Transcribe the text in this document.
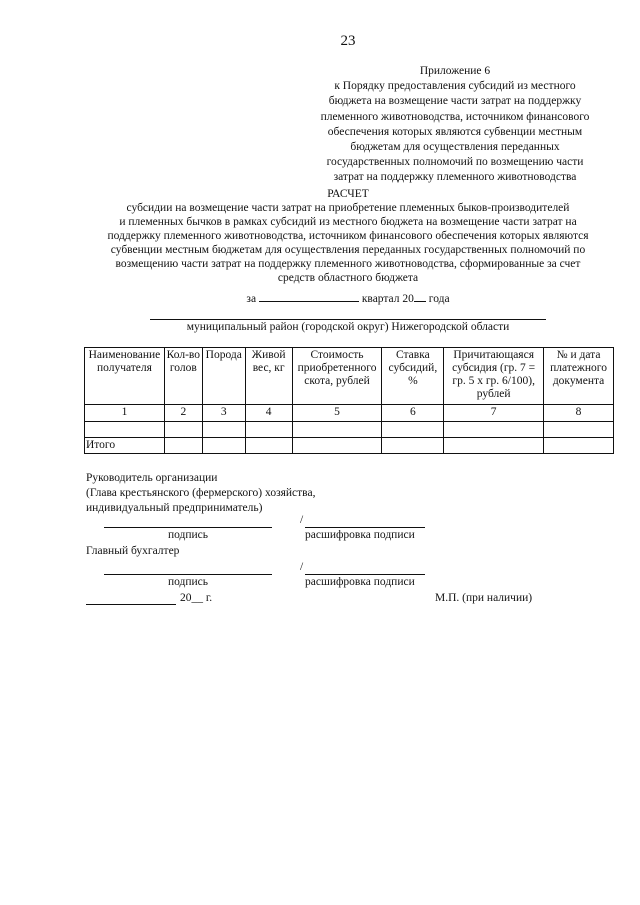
23
Приложение 6
к Порядку предоставления субсидий из местного
бюджета на возмещение части затрат на поддержку
племенного животноводства, источником финансового
обеспечения которых являются субвенции местным
бюджетам для осуществления переданных
государственных полномочий по возмещению части
затрат на поддержку племенного животноводства
РАСЧЕТ
субсидии на возмещение части затрат на приобретение племенных быков-производителей
и племенных бычков в рамках субсидий из местного бюджета на возмещение части затрат на
поддержку племенного животноводства, источником финансового обеспечения которых являются
субвенции местным бюджетам для осуществления переданных государственных полномочий по
возмещению части затрат на поддержку племенного животноводства, сформированные за счет
средств областного бюджета
за	квартал 20 года
муниципальный район (городской округ) Нижегородской области
Наименование получателя	Кол-во голов	Порода	Живой вес, кг	Стоимость приобретенного скота, рублей	Ставка субсидий, %	Причитающаяся субсидия (гр. 7 = гр. 5 х гр. 6/100), рублей	№ и дата платежного документа
1	2	3	4	5	6	7	8

Итого							
Руководитель организации
(Глава крестьянского (фермерского) хозяйства,
индивидуальный предприниматель)
подпись
/
расшифровка подписи
Главный бухгалтер
подпись
/
расшифровка подписи
20__ г.	М.П. (при наличии)
